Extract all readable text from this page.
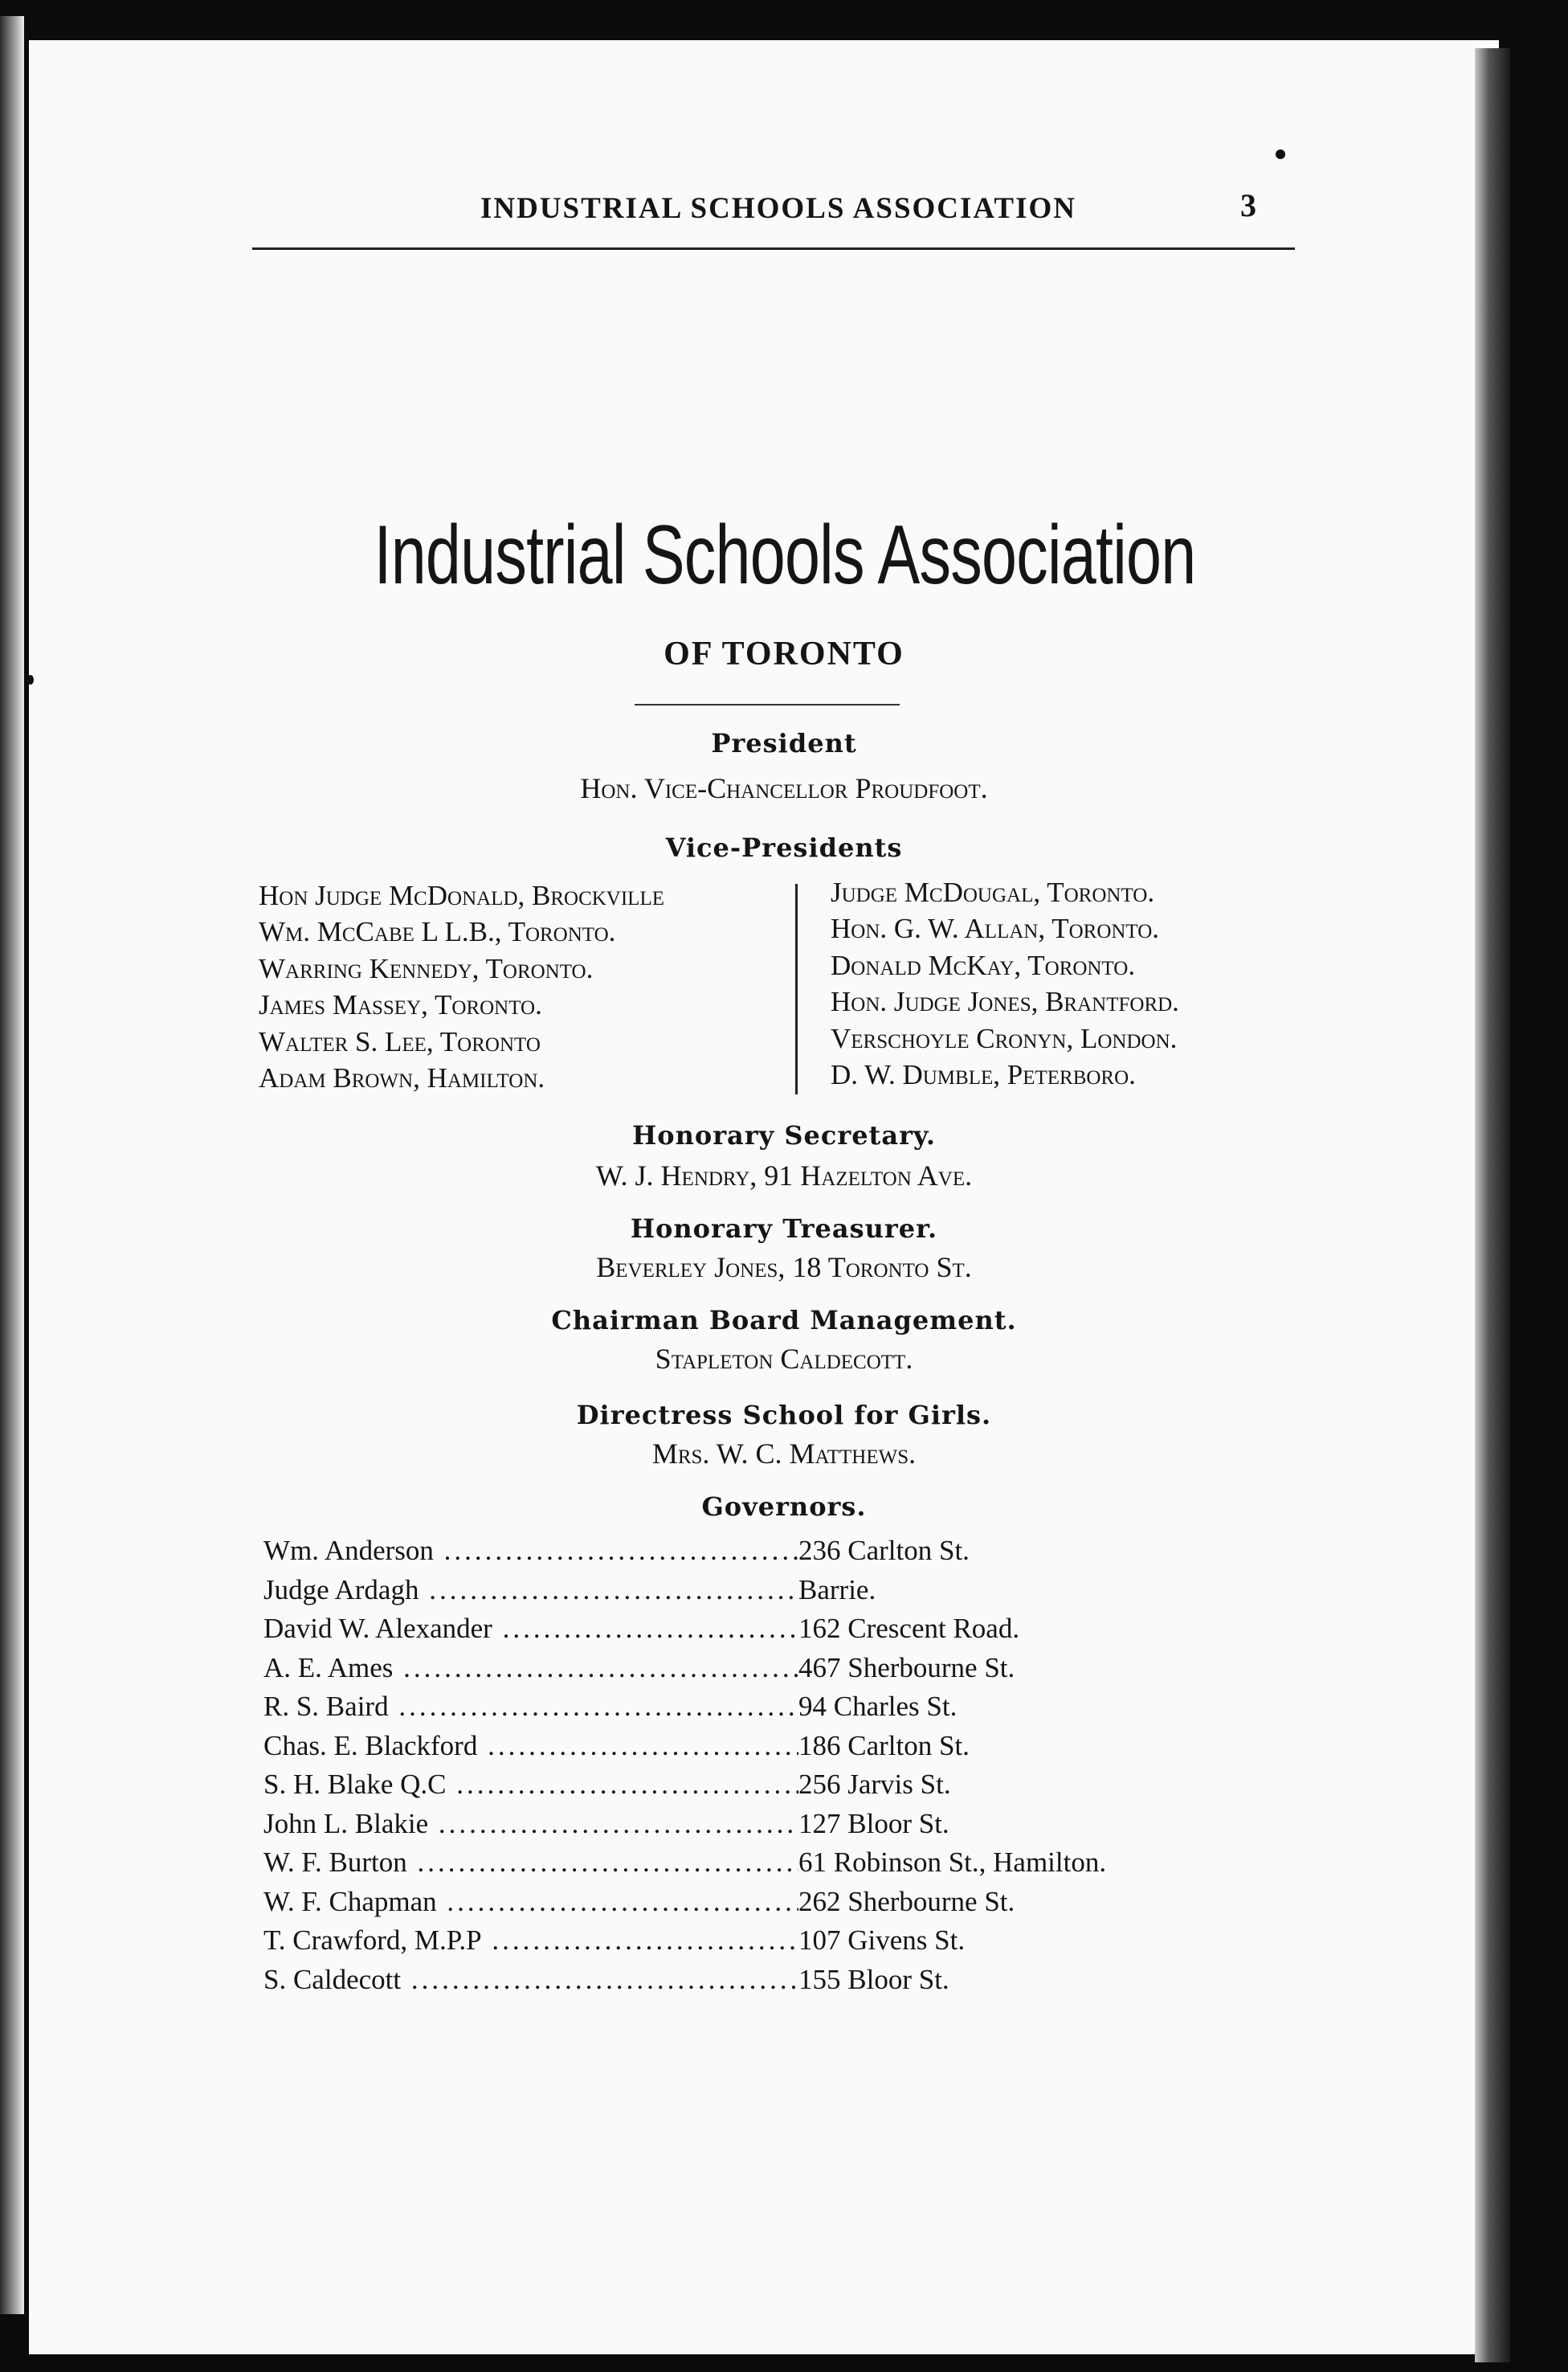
INDUSTRIAL SCHOOLS ASSOCIATION	3
Industrial Schools Association
OF TORONTO
President
Hon. Vice-Chancellor Proudfoot.
Vice-Presidents
Hon Judge McDonald, Brockville
Wm. McCabe L L.B., Toronto.
Warring Kennedy, Toronto.
James Massey, Toronto.
Walter S. Lee, Toronto
Adam Brown, Hamilton.
Judge McDougal, Toronto.
Hon. G. W. Allan, Toronto.
Donald McKay, Toronto.
Hon. Judge Jones, Brantford.
Verschoyle Cronyn, London.
D. W. Dumble, Peterboro.
Honorary Secretary.
W. J. Hendry, 91 Hazelton Ave.
Honorary Treasurer.
Beverley Jones, 18 Toronto St.
Chairman Board Management.
Stapleton Caldecott.
Directress School for Girls.
Mrs. W. C. Matthews.
Governors.
Wm. Anderson .....	236 Carlton St.
Judge Ardagh .....	Barrie.
David W. Alexander .....	162 Crescent Road.
A. E. Ames .....	467 Sherbourne St.
R. S. Baird .....	94 Charles St.
Chas. E. Blackford .....	186 Carlton St.
S. H. Blake Q.C .....	256 Jarvis St.
John L. Blakie .....	127 Bloor St.
W. F. Burton .....	61 Robinson St., Hamilton.
W. F. Chapman .....	262 Sherbourne St.
T. Crawford, M.P.P .....	107 Givens St.
S. Caldecott .....	155 Bloor St.
